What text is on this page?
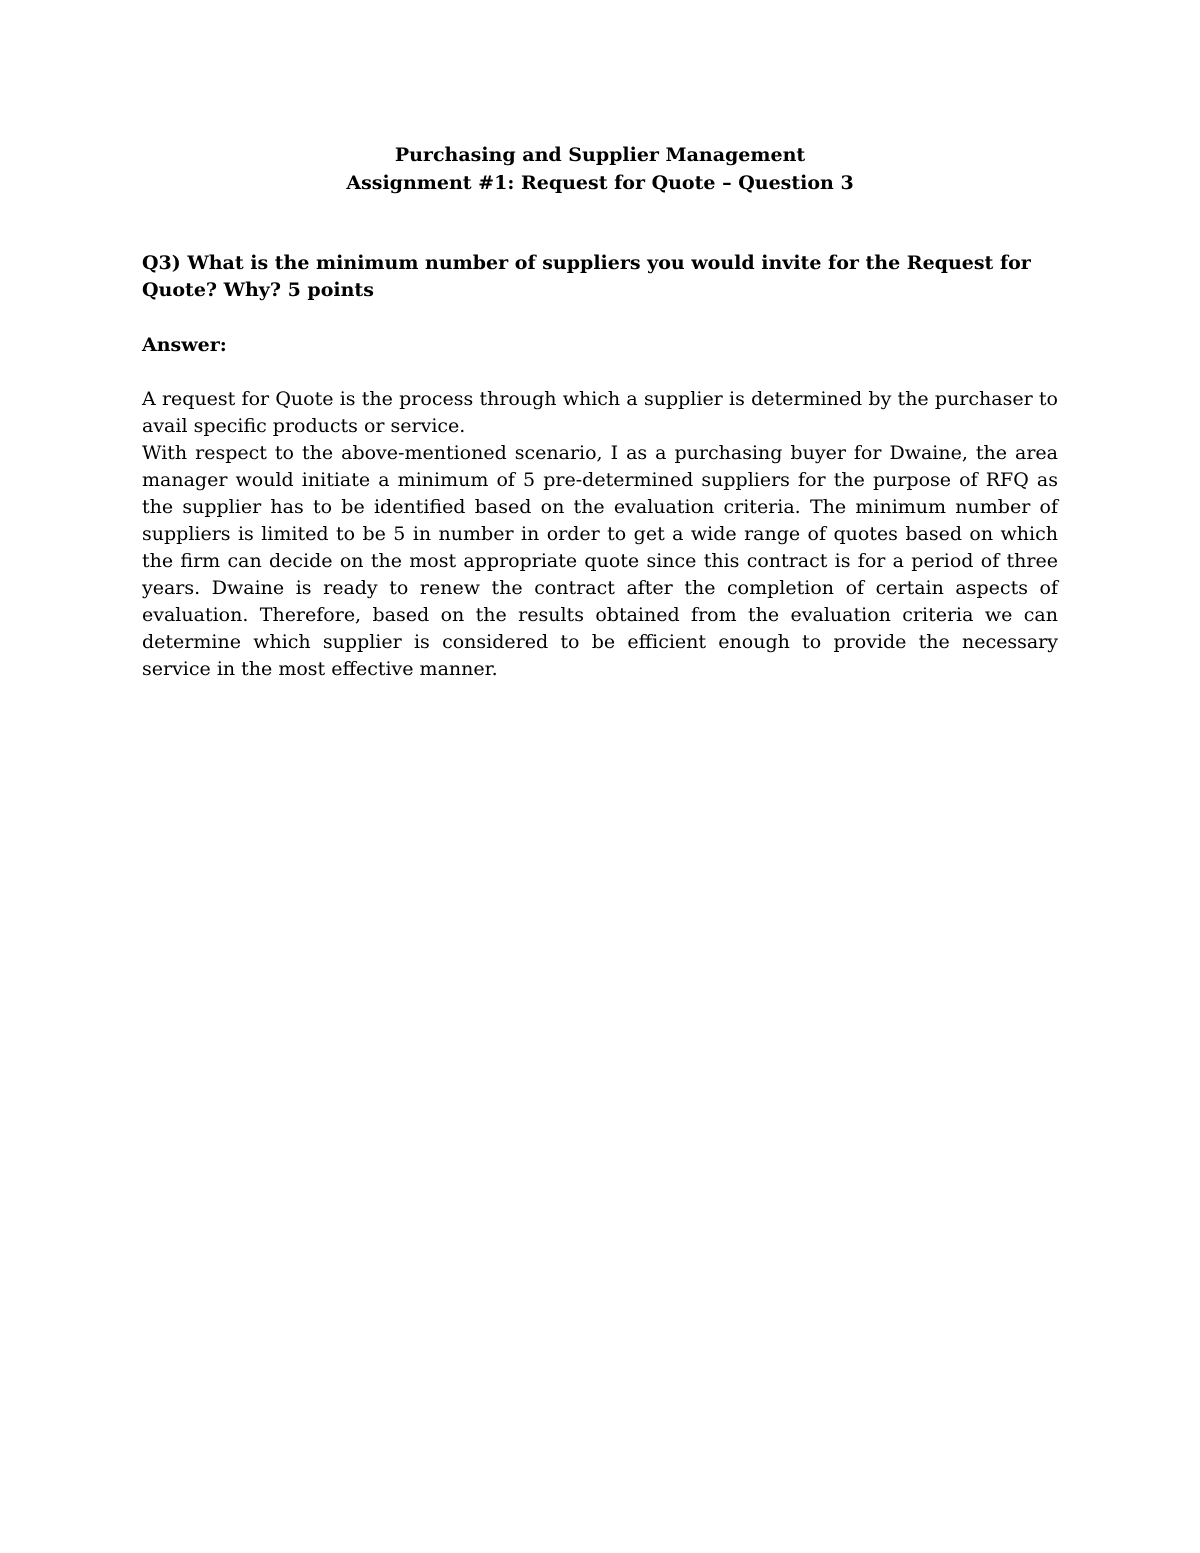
Purchasing and Supplier Management
Assignment #1: Request for Quote – Question 3
Q3) What is the minimum number of suppliers you would invite for the Request for Quote? Why? 5 points
Answer:

A request for Quote is the process through which a supplier is determined by the purchaser to avail specific products or service.

With respect to the above-mentioned scenario, I as a purchasing buyer for Dwaine, the area manager would initiate a minimum of 5 pre-determined suppliers for the purpose of RFQ as the supplier has to be identified based on the evaluation criteria. The minimum number of suppliers is limited to be 5 in number in order to get a wide range of quotes based on which the firm can decide on the most appropriate quote since this contract is for a period of three years. Dwaine is ready to renew the contract after the completion of certain aspects of evaluation. Therefore, based on the results obtained from the evaluation criteria we can determine which supplier is considered to be efficient enough to provide the necessary service in the most effective manner.
